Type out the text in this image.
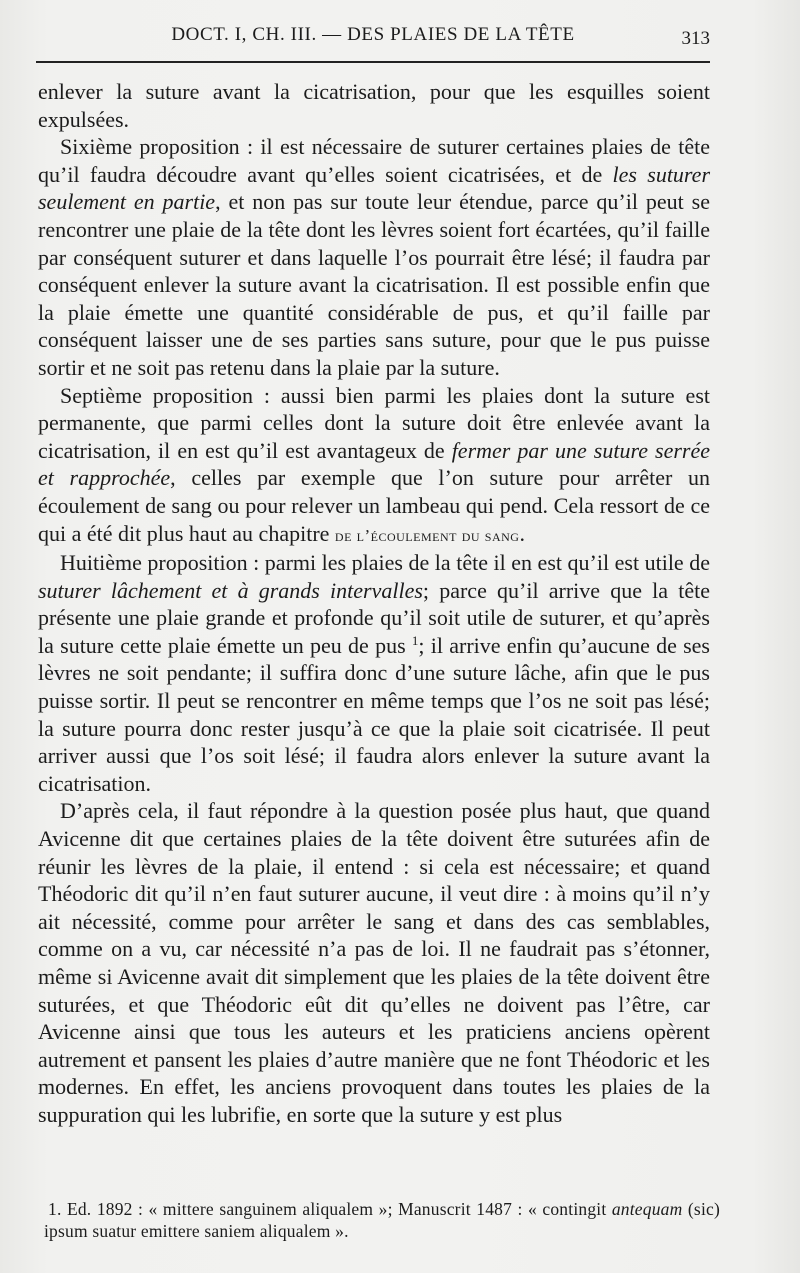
DOCT. I, CH. III. — DES PLAIES DE LA TÊTE	313

enlever la suture avant la cicatrisation, pour que les esquilles soient expulsées.

Sixième proposition : il est nécessaire de suturer certaines plaies de tête qu’il faudra découdre avant qu’elles soient cicatrisées, et de les suturer seulement en partie, et non pas sur toute leur étendue, parce qu’il peut se rencontrer une plaie de la tête dont les lèvres soient fort écartées, qu’il faille par conséquent suturer et dans laquelle l’os pourrait être lésé; il faudra par conséquent enlever la suture avant la cicatrisation. Il est possible enfin que la plaie émette une quantité considérable de pus, et qu’il faille par conséquent laisser une de ses parties sans suture, pour que le pus puisse sortir et ne soit pas retenu dans la plaie par la suture.

Septième proposition : aussi bien parmi les plaies dont la suture est permanente, que parmi celles dont la suture doit être enlevée avant la cicatrisation, il en est qu’il est avantageux de fermer par une suture serrée et rapprochée, celles par exemple que l’on suture pour arrêter un écoulement de sang ou pour relever un lambeau qui pend. Cela ressort de ce qui a été dit plus haut au chapitre de l’écoulement du sang.

Huitième proposition : parmi les plaies de la tête il en est qu’il est utile de suturer lâchement et à grands intervalles; parce qu’il arrive que la tête présente une plaie grande et profonde qu’il soit utile de suturer, et qu’après la suture cette plaie émette un peu de pus $^1$; il arrive enfin qu’aucune de ses lèvres ne soit pendante; il suffira donc d’une suture lâche, afin que le pus puisse sortir. Il peut se rencontrer en même temps que l’os ne soit pas lésé; la suture pourra donc rester jusqu’à ce que la plaie soit cicatrisée. Il peut arriver aussi que l’os soit lésé; il faudra alors enlever la suture avant la cicatrisation.

D’après cela, il faut répondre à la question posée plus haut, que quand Avicenne dit que certaines plaies de la tête doivent être suturées afin de réunir les lèvres de la plaie, il entend : si cela est nécessaire; et quand Théodoric dit qu’il n’en faut suturer aucune, il veut dire : à moins qu’il n’y ait nécessité, comme pour arrêter le sang et dans des cas semblables, comme on a vu, car nécessité n’a pas de loi. Il ne faudrait pas s’étonner, même si Avicenne avait dit simplement que les plaies de la tête doivent être suturées, et que Théodoric eût dit qu’elles ne doivent pas l’être, car Avicenne ainsi que tous les auteurs et les praticiens anciens opèrent autrement et pansent les plaies d’autre manière que ne font Théodoric et les modernes. En effet, les anciens provoquent dans toutes les plaies de la suppuration qui les lubrifie, en sorte que la suture y est plus

1. Ed. 1892 : « mittere sanguinem aliqualem »; Manuscrit 1487 : « contingit antequam (sic) ipsum suatur emittere saniem aliqualem ».
